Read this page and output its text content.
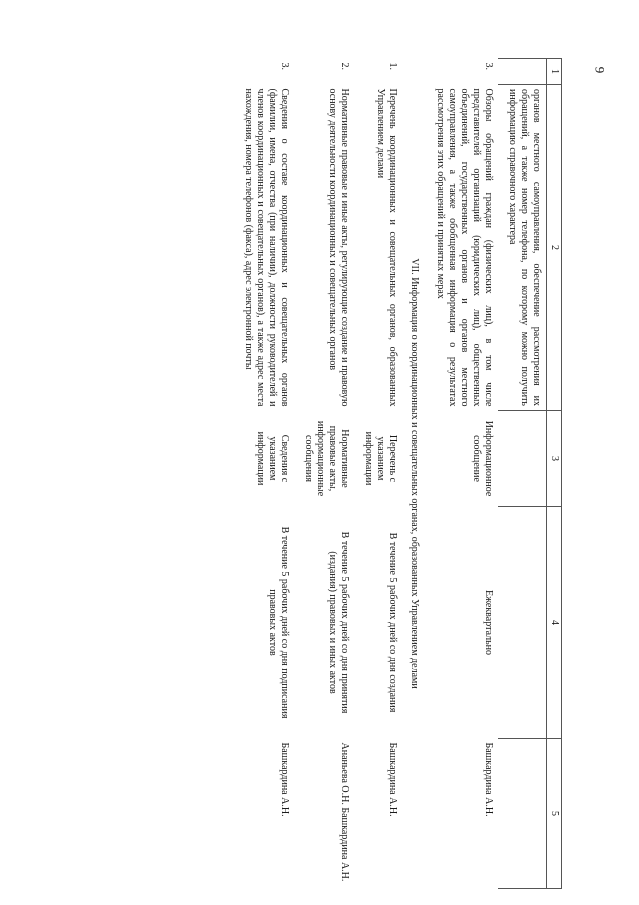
9
1	2	3	4	5
	органов местного самоуправления, обеспечение рассмотрения их обращений, а также номер телефона, по которому можно получить информацию справочного характера			
3.	Обзоры обращений граждан (физических лиц), в том числе представителей организаций (юридических лиц), общественных объединений, государственных органов и органов местного самоуправления, а также обобщенная информация о результатах рассмотрения этих обращений и принятых мерах	Информационное сообщение	Ежеквартально	Башкардина А.Н.
VII. Информация о координационных и совещательных органах, образованных Управлением делами				
1.	Перечень координационных и совещательных органов, образованных Управлением делами	Перечень с указанием информации	В течение 5 рабочих дней со дня создания	Башкардина А.Н.
2.	Нормативные правовые и иные акты, регулирующие создание и правовую основу деятельности координационных и совещательных органов	Нормативные правовые акты, информационные сообщения	В течение 5 рабочих дней со дня принятия (издания) правовых и иных актов	Ананьева О.Н. Башкардина А.Н.
3.	Сведения о составе координационных и совещательных органов (фамилии, имена, отчества (при наличии), должности руководителей и членов координационных и совещательных органов), а также адрес места нахождения, номера телефонов (факса), адрес электронной почты	Сведения с указанием информации	В течение 5 рабочих дней со дня подписания правовых актов	Башкардина А.Н.
